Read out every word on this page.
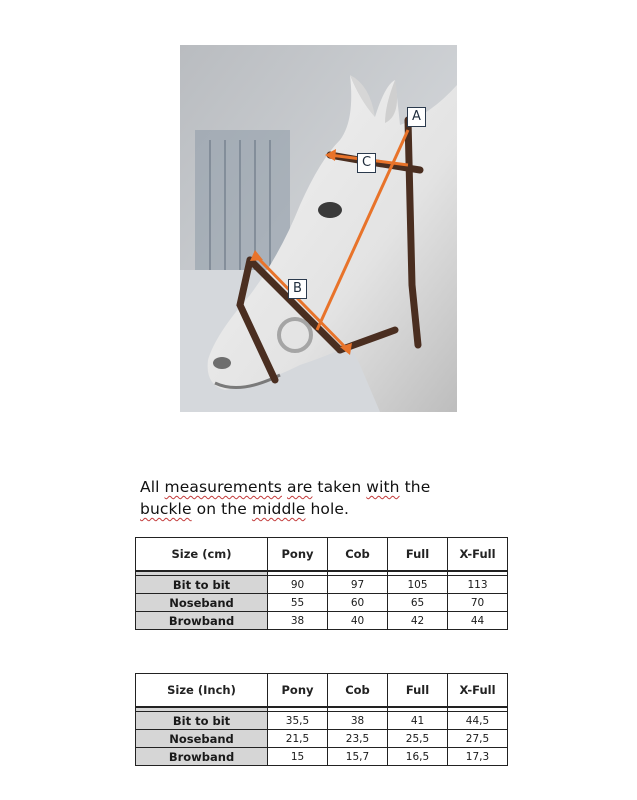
A
B
C
All measurements are taken with the
buckle on the middle hole.
Size (cm)	Pony	Cob	Full	X-Full

Bit to bit	90	97	105	113
Noseband	55	60	65	70
Browband	38	40	42	44
Size (Inch)	Pony	Cob	Full	X-Full

Bit to bit	35,5	38	41	44,5
Noseband	21,5	23,5	25,5	27,5
Browband	15	15,7	16,5	17,3
